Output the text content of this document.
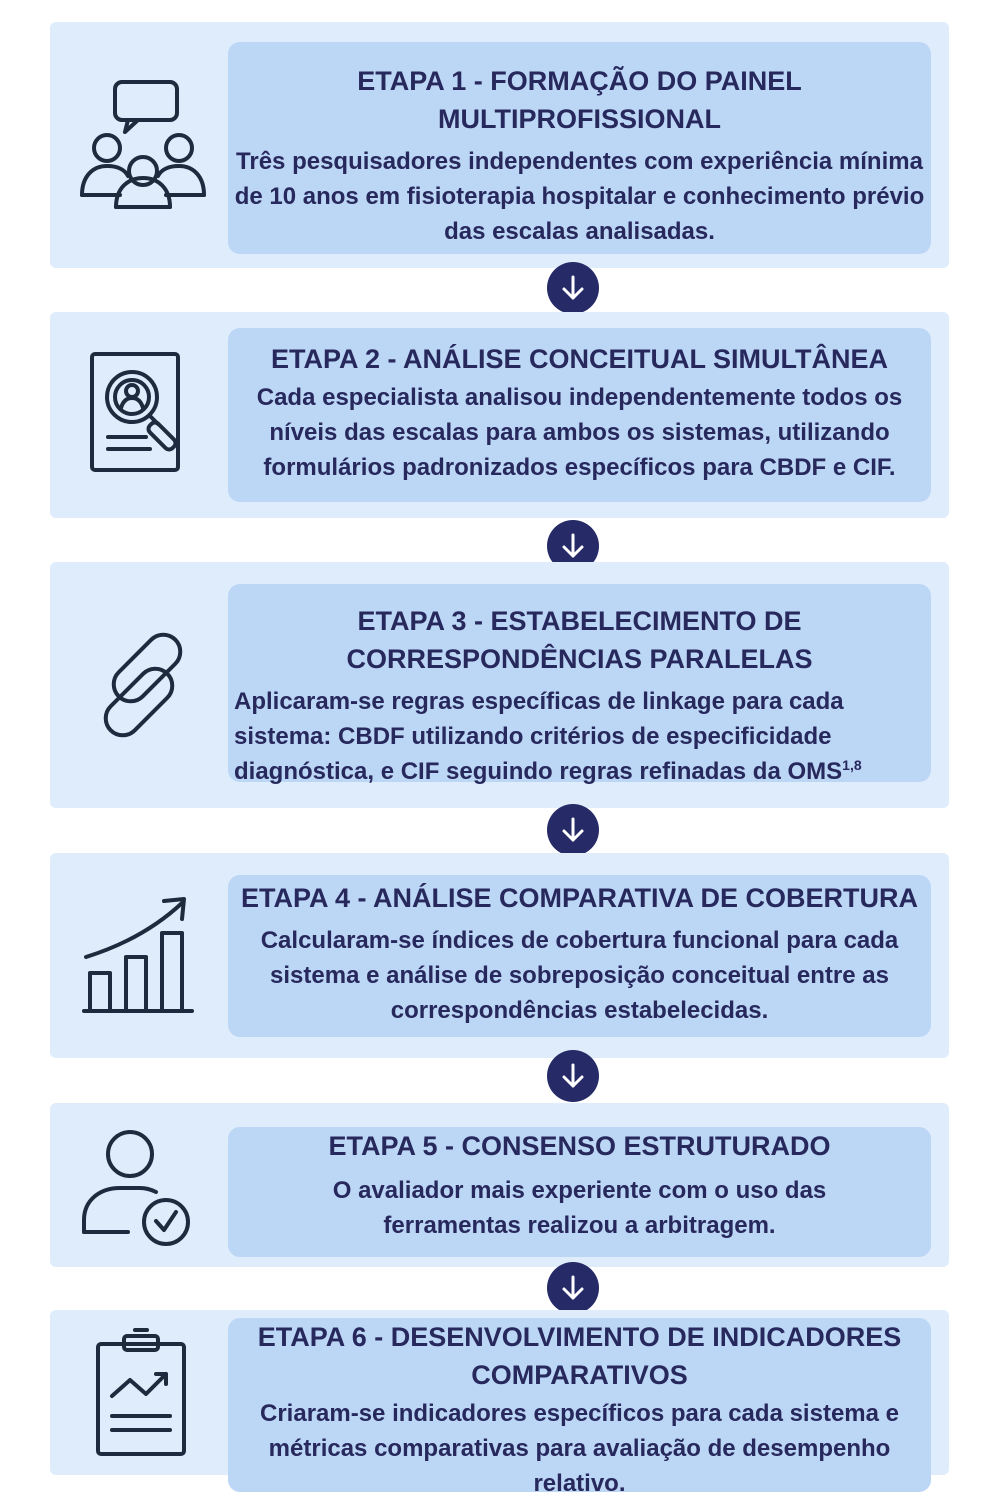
ETAPA 1 - FORMAÇÃO DO PAINEL MULTIPROFISSIONAL

Três pesquisadores independentes com experiência mínima de 10 anos em fisioterapia hospitalar e conhecimento prévio das escalas analisadas.

ETAPA 2 - ANÁLISE CONCEITUAL SIMULTÂNEA

Cada especialista analisou independentemente todos os níveis das escalas para ambos os sistemas, utilizando formulários padronizados específicos para CBDF e CIF.

ETAPA 3 - ESTABELECIMENTO DE CORRESPONDÊNCIAS PARALELAS

Aplicaram-se regras específicas de linkage para cada sistema: CBDF utilizando critérios de especificidade diagnóstica, e CIF seguindo regras refinadas da OMS$^{1,8}$

ETAPA 4 - ANÁLISE COMPARATIVA DE COBERTURA

Calcularam-se índices de cobertura funcional para cada sistema e análise de sobreposição conceitual entre as correspondências estabelecidas.

ETAPA 5 - CONSENSO ESTRUTURADO

O avaliador mais experiente com o uso das ferramentas realizou a arbitragem.

ETAPA 6 - DESENVOLVIMENTO DE INDICADORES COMPARATIVOS

Criaram-se indicadores específicos para cada sistema e métricas comparativas para avaliação de desempenho relativo.
